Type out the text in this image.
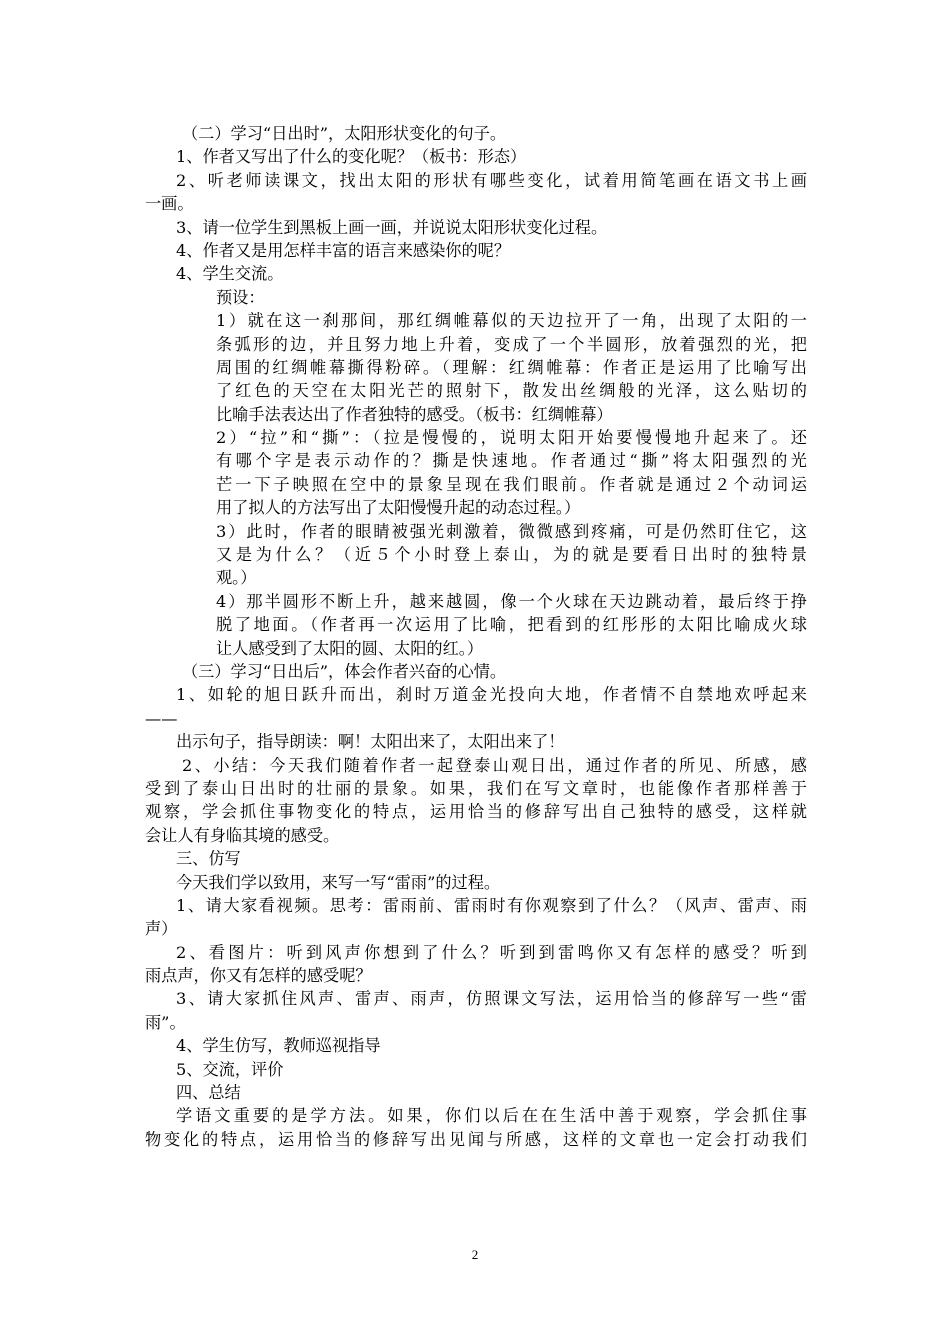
（二）学习“日出时”，太阳形状变化的句子。
1、作者又写出了什么的变化呢？（板书：形态）
2、听老师读课文，找出太阳的形状有哪些变化，试着用简笔画在语文书上画
一画。
3、请一位学生到黑板上画一画，并说说太阳形状变化过程。
4、作者又是用怎样丰富的语言来感染你的呢？
4、学生交流。
预设：
1）就在这一刹那间，那红绸帷幕似的天边拉开了一角，出现了太阳的一
条弧形的边，并且努力地上升着，变成了一个半圆形，放着强烈的光，把
周围的红绸帷幕撕得粉碎。（理解：红绸帷幕：作者正是运用了比喻写出
了红色的天空在太阳光芒的照射下，散发出丝绸般的光泽，这么贴切的
比喻手法表达出了作者独特的感受。（板书：红绸帷幕）
2）“拉”和“撕”：（拉是慢慢的，说明太阳开始要慢慢地升起来了。还
有哪个字是表示动作的？撕是快速地。作者通过“撕”将太阳强烈的光
芒一下子映照在空中的景象呈现在我们眼前。作者就是通过２个动词运
用了拟人的方法写出了太阳慢慢升起的动态过程。）
3）此时，作者的眼睛被强光刺激着，微微感到疼痛，可是仍然盯住它，这
又是为什么？（近５个小时登上泰山，为的就是要看日出时的独特景
观。）
4）那半圆形不断上升，越来越圆，像一个火球在天边跳动着，最后终于挣
脱了地面。（作者再一次运用了比喻，把看到的红彤彤的太阳比喻成火球
让人感受到了太阳的圆、太阳的红。）
（三）学习“日出后”，体会作者兴奋的心情。
1、如轮的旭日跃升而出，刹时万道金光投向大地，作者情不自禁地欢呼起来
——
出示句子，指导朗读：啊！太阳出来了，太阳出来了！
2、小结：今天我们随着作者一起登泰山观日出，通过作者的所见、所感，感
受到了泰山日出时的壮丽的景象。如果，我们在写文章时，也能像作者那样善于
观察，学会抓住事物变化的特点，运用恰当的修辞写出自己独特的感受，这样就
会让人有身临其境的感受。
三、仿写
今天我们学以致用，来写一写“雷雨”的过程。
1、请大家看视频。思考：雷雨前、雷雨时有你观察到了什么？（风声、雷声、雨
声）
2、看图片：听到风声你想到了什么？听到到雷鸣你又有怎样的感受？听到
雨点声，你又有怎样的感受呢？
3、请大家抓住风声、雷声、雨声，仿照课文写法，运用恰当的修辞写一些“雷
雨”。
4、学生仿写，教师巡视指导
5、交流，评价
四、总结
学语文重要的是学方法。如果，你们以后在在生活中善于观察，学会抓住事
物变化的特点，运用恰当的修辞写出见闻与所感，这样的文章也一定会打动我们
2
